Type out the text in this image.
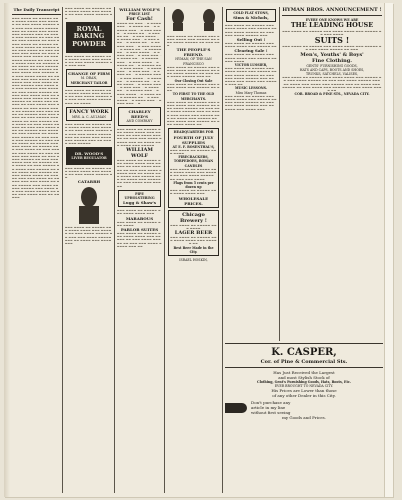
The Daily Transcript
▬▬▬ ▬▬▬▬ ▬▬ ▬▬▬▬▬ ▬▬▬ ▬▬▬▬ ▬▬▬▬ ▬▬▬ ▬▬▬▬▬ ▬▬ ▬▬▬ ▬▬▬▬ ▬▬▬▬▬ ▬▬ ▬▬▬ ▬▬▬ ▬▬▬▬ ▬▬▬▬▬ ▬▬▬ ▬▬ ▬▬▬▬ ▬▬▬ ▬▬▬▬ ▬▬▬ ▬▬▬▬▬ ▬▬▬ ▬▬ ▬▬▬▬ ▬▬▬ ▬▬▬▬▬ ▬▬ ▬▬▬ ▬▬▬▬ ▬▬▬ ▬▬▬▬▬ ▬▬ ▬▬▬ ▬▬▬▬ ▬▬▬▬ ▬▬ ▬▬▬▬▬ ▬▬▬ ▬▬▬ ▬▬▬▬ ▬▬ ▬▬▬▬▬ ▬▬▬ ▬▬▬ ▬▬▬▬ ▬▬ ▬▬▬ ▬▬▬▬▬ ▬▬▬ ▬▬▬▬ ▬▬ ▬▬▬ ▬▬▬▬▬ ▬▬▬ ▬▬▬▬ ▬▬ ▬▬▬ ▬▬▬▬ ▬▬▬▬▬ ▬▬ ▬▬▬ ▬▬▬ ▬▬▬▬ ▬▬▬ ▬▬ ▬▬▬▬▬ ▬▬▬ ▬▬▬▬ ▬▬ ▬▬▬ ▬▬▬▬▬ ▬▬ ▬▬▬▬ ▬▬▬ ▬▬▬▬▬ ▬▬ ▬▬▬ ▬▬▬▬ ▬▬▬ ▬▬▬▬▬ ▬▬ ▬▬▬ ▬▬▬▬ ▬▬▬▬ ▬▬ ▬▬▬▬▬ ▬▬▬ ▬▬▬ ▬▬▬▬ ▬▬ ▬▬▬▬▬ ▬▬▬ ▬▬▬ ▬▬▬▬ ▬▬ ▬▬▬ ▬▬▬▬▬ ▬▬▬ ▬▬▬▬ ▬▬ ▬▬▬ ▬▬▬▬▬ ▬▬▬ ▬▬▬▬ ▬▬ ▬▬▬ ▬▬▬▬ ▬▬▬▬▬ ▬▬ ▬▬▬ ▬▬▬ ▬▬▬▬ ▬▬▬ ▬▬ ▬▬▬▬▬ ▬▬▬ ▬▬▬▬ ▬▬ ▬▬▬ ▬▬▬▬▬ ▬▬ ▬▬▬▬ ▬▬▬ ▬▬▬▬▬ ▬▬ ▬▬▬ ▬▬▬▬ ▬▬▬ ▬▬▬▬▬ ▬▬ ▬▬▬ ▬▬▬▬ ▬▬▬▬ ▬▬ ▬▬▬▬▬ ▬▬▬ ▬▬▬ ▬▬▬▬ ▬▬ ▬▬▬▬▬ ▬▬▬ ▬▬▬ ▬▬▬▬ ▬▬ ▬▬▬ ▬▬▬▬▬ ▬▬▬ ▬▬▬▬ ▬▬ ▬▬▬ ▬▬▬▬▬ ▬▬▬ ▬▬▬▬ ▬▬ ▬▬▬ ▬▬▬▬ ▬▬▬▬▬ ▬▬ ▬▬▬ ▬▬▬ ▬▬▬▬ ▬▬▬ ▬▬ ▬▬▬▬▬ ▬▬▬ ▬▬▬▬ ▬▬ ▬▬▬ ▬▬▬▬▬ ▬▬ ▬▬▬▬ ▬▬▬ ▬▬▬▬▬ ▬▬ ▬▬▬ ▬▬▬▬ ▬▬▬ ▬▬▬▬▬ ▬▬ ▬▬▬ ▬▬▬▬ ▬▬▬▬ ▬▬ ▬▬▬▬▬ ▬▬▬ ▬▬▬ ▬▬▬▬ ▬▬ ▬▬▬▬▬ ▬▬▬ ▬▬▬ ▬▬▬▬ ▬▬ ▬▬▬ ▬▬▬▬▬ ▬▬▬ ▬▬▬▬ ▬▬ ▬▬▬ ▬▬▬▬▬ ▬▬▬ ▬▬▬▬ ▬▬ ▬▬▬ ▬▬▬▬ ▬▬▬▬▬ ▬▬ ▬▬▬ ▬▬▬ ▬▬▬▬ ▬▬▬ ▬▬ ▬▬▬▬▬ ▬▬▬ ▬▬▬▬ ▬▬ ▬▬▬ ▬▬▬▬▬ ▬▬ ▬▬▬▬ ▬▬▬ ▬▬▬▬▬ ▬▬ ▬▬▬ ▬▬▬▬ ▬▬▬ ▬▬▬▬▬ ▬▬ ▬▬▬ ▬▬▬▬ ▬▬▬▬ ▬▬ ▬▬▬▬▬ ▬▬▬ ▬▬▬ ▬▬▬▬ ▬▬ ▬▬▬▬▬ ▬▬▬ ▬▬▬ ▬▬▬▬ ▬▬ ▬▬▬ ▬▬▬▬▬ ▬▬▬ ▬▬▬▬ ▬▬ ▬▬▬ ▬▬▬▬▬ ▬▬▬ ▬▬▬▬ ▬▬ ▬▬▬ ▬▬▬▬ ▬▬▬▬▬ ▬▬ ▬▬▬ ▬▬▬ ▬▬▬▬ ▬▬▬ ▬▬ ▬▬▬▬▬
▬▬▬ ▬▬▬▬ ▬▬ ▬▬▬▬▬ ▬▬▬ ▬▬▬▬ ▬▬▬▬ ▬▬▬ ▬▬▬▬▬ ▬▬ ▬▬▬ ▬▬▬▬ ▬▬▬▬▬ ▬▬
ROYAL
BAKING
POWDER
▬▬▬ ▬▬▬▬ ▬▬ ▬▬▬▬▬ ▬▬▬ ▬▬▬▬ ▬▬▬▬ ▬▬▬ ▬▬▬▬▬ ▬▬ ▬▬▬ ▬▬▬▬ ▬▬▬▬▬ ▬▬ ▬▬▬ ▬▬▬
CHANGE OF FIRM
M. DRAN,
MERCHANT TAILOR
▬▬▬ ▬▬▬▬ ▬▬ ▬▬▬▬▬ ▬▬▬ ▬▬▬▬ ▬▬▬▬ ▬▬▬ ▬▬▬▬▬ ▬▬ ▬▬▬ ▬▬▬▬ ▬▬▬▬▬ ▬▬ ▬▬▬ ▬▬▬ ▬▬▬▬ ▬▬▬▬▬ ▬▬▬ ▬▬ ▬▬▬▬
FANCY WORK
MRS. A. C. AULMAN
▬▬▬ ▬▬▬▬ ▬▬ ▬▬▬▬▬ ▬▬▬ ▬▬▬▬ ▬▬▬▬ ▬▬▬ ▬▬▬▬▬ ▬▬ ▬▬▬ ▬▬▬▬ ▬▬▬▬▬ ▬▬ ▬▬▬ ▬▬▬ ▬▬▬▬ ▬▬▬▬▬ ▬▬▬ ▬▬ ▬▬▬▬ ▬▬▬ ▬▬▬▬ ▬▬▬ ▬▬▬▬▬ ▬▬▬ ▬▬ ▬▬▬▬ ▬▬▬ ▬▬▬▬▬
DR. WOOD'S
LIVER REGULATOR
▬▬▬ ▬▬▬▬ ▬▬ ▬▬▬▬▬ ▬▬▬ ▬▬▬▬ ▬▬▬▬ ▬▬▬ ▬▬▬▬▬ ▬▬ ▬▬▬ ▬▬▬▬ ▬▬▬▬▬ ▬▬
CATARRH
▬▬▬ ▬▬▬▬ ▬▬ ▬▬▬▬▬ ▬▬▬ ▬▬▬▬ ▬▬▬▬ ▬▬▬ ▬▬▬▬▬ ▬▬ ▬▬▬ ▬▬▬▬ ▬▬▬▬▬ ▬▬ ▬▬▬ ▬▬▬ ▬▬▬▬ ▬▬▬▬▬ ▬▬▬ ▬▬ ▬▬▬▬ ▬▬▬ ▬▬▬▬ ▬▬▬
WILLIAM WOLF'S
PRICE LIST
For Cash!
▬▬▬▬ ▬▬ ▬▬▬ ·· ▬ ▬▬▬▬ ▬▬▬ ·· ▬ ▬▬▬▬ ▬▬ ·· ▬ ▬▬▬▬▬ ▬▬▬ ·· ▬ ▬▬▬ ▬▬▬▬ ·· ▬ ▬▬▬▬ ▬▬ ·· ▬ ▬▬▬▬▬ ▬▬ ·· ▬ ▬▬▬ ▬▬▬▬ ·· ▬ ▬▬▬▬ ▬▬▬ ·· ▬ ▬▬▬ ▬▬▬ ·· ▬ ▬▬▬▬ ▬▬ ·· ▬ ▬▬▬▬▬ ▬▬▬ ·· ▬ ▬▬▬ ▬▬▬▬ ·· ▬ ▬▬▬▬ ▬▬ ·· ▬ ▬▬▬▬▬ ▬▬ ·· ▬ ▬▬▬ ▬▬▬▬ ·· ▬ ▬▬▬▬ ▬▬▬ ·· ▬ ▬▬▬ ▬▬▬ ·· ▬ ▬▬▬▬ ▬▬ ·· ▬ ▬▬▬▬▬ ▬▬▬ ·· ▬ ▬▬▬ ▬▬▬▬ ·· ▬ ▬▬▬▬ ▬▬ ·· ▬ ▬▬▬▬▬ ▬▬ ·· ▬ ▬▬▬ ▬▬▬▬ ·· ▬ ▬▬▬▬ ▬▬▬ ·· ▬ ▬▬▬ ▬▬▬ ·· ▬ ▬▬▬▬ ▬▬ ·· ▬ ▬▬▬▬▬ ▬▬▬ ·· ▬ ▬▬▬ ▬▬▬▬ ·· ▬ ▬▬▬▬ ▬▬ ·· ▬ ▬▬▬▬▬ ▬▬ ·· ▬ ▬▬▬ ▬▬▬▬ ·· ▬ ▬▬▬▬ ▬▬▬ ·· ▬ ▬▬▬ ▬▬▬ ·· ▬ ▬▬▬▬ ▬▬ ·· ▬ ▬▬▬▬▬ ▬▬▬ ·· ▬ ▬▬▬ ▬▬▬▬ ·· ▬ ▬▬▬▬ ▬▬ ·· ▬ ▬▬▬▬▬ ▬▬ ·· ▬ ▬▬▬ ▬▬▬▬ ·· ▬ ▬▬▬▬ ▬▬▬ ·· ▬ ▬▬▬ ▬▬▬ ·· ▬
CHARLEY REED'S
AND COMPANY
▬▬▬ ▬▬▬▬ ▬▬ ▬▬▬▬▬ ▬▬▬ ▬▬▬▬ ▬▬▬▬ ▬▬▬ ▬▬▬▬▬ ▬▬ ▬▬▬ ▬▬▬▬ ▬▬▬▬▬ ▬▬ ▬▬▬ ▬▬▬ ▬▬▬▬ ▬▬▬▬▬ ▬▬▬ ▬▬ ▬▬▬▬ ▬▬▬ ▬▬▬▬ ▬▬▬ ▬▬▬▬▬
WILLIAM WOLF
▬▬▬ ▬▬▬▬ ▬▬ ▬▬▬▬▬ ▬▬▬ ▬▬▬▬ ▬▬▬▬ ▬▬▬ ▬▬▬▬▬ ▬▬ ▬▬▬ ▬▬▬▬ ▬▬▬▬▬ ▬▬ ▬▬▬ ▬▬▬ ▬▬▬▬ ▬▬▬▬▬ ▬▬▬ ▬▬ ▬▬▬▬ ▬▬▬ ▬▬▬▬ ▬▬▬ ▬▬▬▬▬ ▬▬▬ ▬▬ ▬▬▬▬ ▬▬▬ ▬▬▬▬▬ ▬▬ ▬▬▬ ▬▬▬▬ ▬▬▬ ▬▬▬▬▬
PIPE UPHOLSTERING
Lugg & Shaw's
▬▬▬ ▬▬▬▬ ▬▬ ▬▬▬▬▬ ▬▬▬ ▬▬▬▬ ▬▬▬▬ ▬▬▬
MARABOUS
▬▬▬ ▬▬▬▬ ▬▬ ▬▬▬▬▬ ▬▬▬ ▬▬▬▬
PARLOR SUITES
▬▬▬ ▬▬▬▬ ▬▬ ▬▬▬▬▬ ▬▬▬ ▬▬▬▬ ▬▬▬▬ ▬▬▬ ▬▬▬▬▬ ▬▬ ▬▬▬ ▬▬▬▬ ▬▬▬▬▬ ▬▬ ▬▬▬ ▬▬▬ ▬▬▬▬ ▬▬▬▬▬ ▬▬▬ ▬▬
▬▬▬ ▬▬▬▬ ▬▬ ▬▬▬▬▬ ▬▬▬ ▬▬▬▬ ▬▬▬▬ ▬▬▬ ▬▬▬▬▬ ▬▬ ▬▬▬ ▬▬▬▬ ▬▬▬▬▬ ▬▬ ▬▬▬ ▬▬▬
THE PEOPLE'S FRIEND.
HYMAN, OF THE SAN FRANCISCO
▬▬▬ ▬▬▬▬ ▬▬ ▬▬▬▬▬ ▬▬▬ ▬▬▬▬ ▬▬▬▬ ▬▬▬ ▬▬▬▬▬ ▬▬ ▬▬▬ ▬▬▬▬ ▬▬▬▬▬ ▬▬ ▬▬▬ ▬▬▬ ▬▬▬▬ ▬▬▬▬▬ ▬▬▬ ▬▬
Our Closing Out Sale
▬▬▬ ▬▬▬▬ ▬▬ ▬▬▬▬▬ ▬▬▬ ▬▬▬▬ ▬▬▬▬ ▬▬▬ ▬▬▬▬▬ ▬▬ ▬▬▬
TO FIRST TO THE OLD MERCHANTS.
▬▬▬ ▬▬▬▬ ▬▬ ▬▬▬▬▬ ▬▬▬ ▬▬▬▬ ▬▬▬▬ ▬▬▬ ▬▬▬▬▬ ▬▬ ▬▬▬ ▬▬▬▬ ▬▬▬▬▬ ▬▬ ▬▬▬ ▬▬▬ ▬▬▬▬ ▬▬▬▬▬ ▬▬▬ ▬▬ ▬▬▬▬ ▬▬▬ ▬▬▬▬ ▬▬▬ ▬▬▬▬▬ ▬▬▬ ▬▬ ▬▬▬▬ ▬▬▬ ▬▬▬▬▬ ▬▬ ▬▬▬ ▬▬▬▬ ▬▬▬ ▬▬▬▬▬ ▬▬ ▬▬▬ ▬▬▬▬ ▬▬▬▬ ▬▬
HEADQUARTERS FOR
FOURTH OF JULY SUPPLIES
AT E. F. ROSENTHAL'S,
▬▬▬ ▬▬▬▬ ▬▬ ▬▬▬▬▬ ▬▬▬ ▬▬▬▬
FIRECRACKERS, TORPEDOES, ROMAN CANDLES
▬▬▬ ▬▬▬▬ ▬▬ ▬▬▬▬▬ ▬▬▬ ▬▬▬▬ ▬▬▬▬ ▬▬▬ ▬▬▬▬▬ ▬▬ ▬▬▬ ▬▬▬▬ ▬▬▬▬▬ ▬▬ ▬▬▬ ▬▬▬ ▬▬▬▬
Flags from 5 cents per dozen up
▬▬▬ ▬▬▬▬ ▬▬ ▬▬▬▬▬ ▬▬▬ ▬▬▬▬ ▬▬▬▬ ▬▬▬
WHOLESALE
PRICES.
Chicago Brewery !
▬▬▬ ▬▬▬▬ ▬▬ ▬▬▬▬▬ ▬▬▬ ▬▬▬▬
LAGER BEER
▬▬▬ ▬▬▬▬ ▬▬ ▬▬▬▬▬ ▬▬▬ ▬▬▬▬ ▬▬▬▬ ▬▬▬ ▬▬▬▬▬ ▬▬
Best Beer Made in the City.
ISRAEL HOSKIN,
COLD FLAT STONS,
Sims & Nichols,
▬▬▬ ▬▬▬▬ ▬▬ ▬▬▬▬▬ ▬▬▬ ▬▬▬▬ ▬▬▬▬ ▬▬▬ ▬▬▬▬▬ ▬▬ ▬▬▬ ▬▬▬▬ ▬▬▬▬▬ ▬▬ ▬▬▬ ▬▬▬ ▬▬▬▬ ▬▬▬▬▬ ▬▬▬
Selling Out !
▬▬▬ ▬▬▬▬ ▬▬ ▬▬▬▬▬ ▬▬▬ ▬▬▬▬ ▬▬▬▬ ▬▬▬ ▬▬▬▬▬ ▬▬
Clearing Sale !
▬▬▬ ▬▬▬▬ ▬▬ ▬▬▬▬▬ ▬▬▬ ▬▬▬▬ ▬▬▬▬ ▬▬▬ ▬▬▬▬▬ ▬▬ ▬▬▬ ▬▬▬▬
VICTOR LUSSIER,
▬▬▬ ▬▬▬▬ ▬▬ ▬▬▬▬▬ ▬▬▬ ▬▬▬▬ ▬▬▬▬ ▬▬▬ ▬▬▬▬▬ ▬▬ ▬▬▬ ▬▬▬▬ ▬▬▬▬▬ ▬▬ ▬▬▬ ▬▬▬ ▬▬▬▬ ▬▬▬▬▬ ▬▬▬ ▬▬ ▬▬▬▬ ▬▬▬ ▬▬▬▬ ▬▬▬ ▬▬▬▬▬ ▬▬▬ ▬▬
MUSIC LESSONS.
Miss Mary Thomas
▬▬▬ ▬▬▬▬ ▬▬ ▬▬▬▬▬ ▬▬▬ ▬▬▬▬ ▬▬▬▬ ▬▬▬ ▬▬▬▬▬ ▬▬ ▬▬▬ ▬▬▬▬ ▬▬▬▬▬ ▬▬ ▬▬▬ ▬▬▬ ▬▬▬▬ ▬▬▬▬▬ ▬▬▬ ▬▬ ▬▬▬▬ ▬▬▬ ▬▬▬▬ ▬▬▬
HYMAN BROS. ANNOUNCEMENT !
EVERY ONE KNOWS WE ARE
THE LEADING HOUSE
▬▬▬ ▬▬▬▬ ▬▬ ▬▬▬▬▬ ▬▬▬ ▬▬▬▬ ▬▬▬▬ ▬▬▬ ▬▬▬▬▬ ▬▬ ▬▬▬ ▬▬▬▬
SUITS !
▬▬▬ ▬▬▬▬ ▬▬ ▬▬▬▬▬ ▬▬▬ ▬▬▬▬ ▬▬▬▬ ▬▬▬ ▬▬▬▬▬ ▬▬ ▬▬▬ ▬▬▬▬ ▬▬▬▬▬ ▬▬ ▬▬▬
Men's, Youths' & Boys'
Fine Clothing.
GENTS' FURNISHING GOODS,
HATS AND CAPS, BOOTS AND SHOES,
TRUNKS, SATCHELS, VALISES,
▬▬▬ ▬▬▬▬ ▬▬ ▬▬▬▬▬ ▬▬▬ ▬▬▬▬ ▬▬▬▬ ▬▬▬ ▬▬▬▬▬ ▬▬ ▬▬▬ ▬▬▬▬ ▬▬▬▬▬ ▬▬ ▬▬▬ ▬▬▬ ▬▬▬▬ ▬▬▬▬▬ ▬▬▬ ▬▬ ▬▬▬▬ ▬▬▬ ▬▬▬▬ ▬▬▬ ▬▬▬▬▬ ▬▬▬ ▬▬ ▬▬▬▬ ▬▬▬ ▬▬▬▬▬ ▬▬ ▬▬▬ ▬▬▬▬ ▬▬▬ ▬▬▬▬▬ ▬▬ ▬▬▬ ▬▬▬▬ ▬▬▬▬ ▬▬
COR. BROAD & PINE STS., NEVADA CITY.
K. CASPER,
Cor. of Pine & Commercial Sts.
Has Just Received the Largest
and most Stylish Stock of
Clothing, Gent's Furnishing Goods, Hats, Boots, Etc.
EVER BROUGHT TO NEVADA CITY.
His Prices are Lower than those
of any other Dealer in this City.
Don't purchase any
article in my line
without first seeing
my Goods and Prices.
